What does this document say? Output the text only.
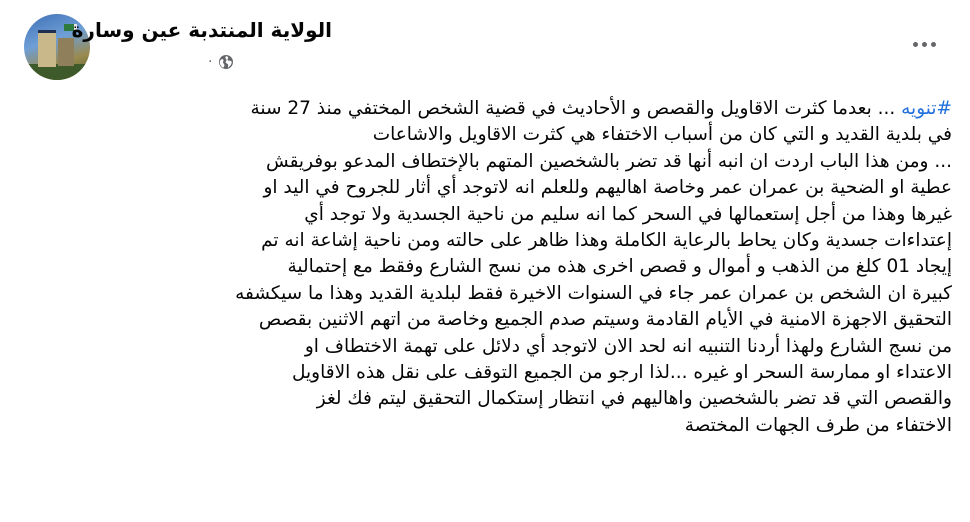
الولاية المنتدبة عين وسارة
·
#تنويه ... بعدما كثرت الاقاويل والقصص و الأحاديث في قضية الشخص المختفي منذ 27 سنة
في بلدية القديد و التي كان من أسباب الاختفاء هي كثرت الاقاويل والاشاعات
... ومن هذا الباب اردت ان انبه أنها قد تضر بالشخصين المتهم بالإختطاف المدعو بوفريقش
عطية او الضحية بن عمران عمر وخاصة اهاليهم وللعلم انه لاتوجد أي أثار للجروح في اليد او
غيرها وهذا من أجل إستعمالها في السحر كما انه سليم من ناحية الجسدية ولا توجد أي
إعتداءات جسدية وكان يحاط بالرعاية الكاملة وهذا ظاهر على حالته ومن ناحية إشاعة انه تم
إيجاد 01 كلغ من الذهب و أموال و قصص اخرى هذه من نسج الشارع وفقط مع إحتمالية
كبيرة ان الشخص بن عمران عمر جاء في السنوات الاخيرة فقط لبلدية القديد وهذا ما سيكشفه
التحقيق الاجهزة الامنية في الأيام القادمة وسيتم صدم الجميع وخاصة من اتهم الاثنين بقصص
من نسج الشارع ولهذا أردنا التنبيه انه لحد الان لاتوجد أي دلائل على تهمة الاختطاف او
الاعتداء او ممارسة السحر او غيره ...لذا ارجو من الجميع التوقف على نقل هذه الاقاويل
والقصص التي قد تضر بالشخصين واهاليهم في انتظار إستكمال التحقيق ليتم فك لغز
الاختفاء من طرف الجهات المختصة
